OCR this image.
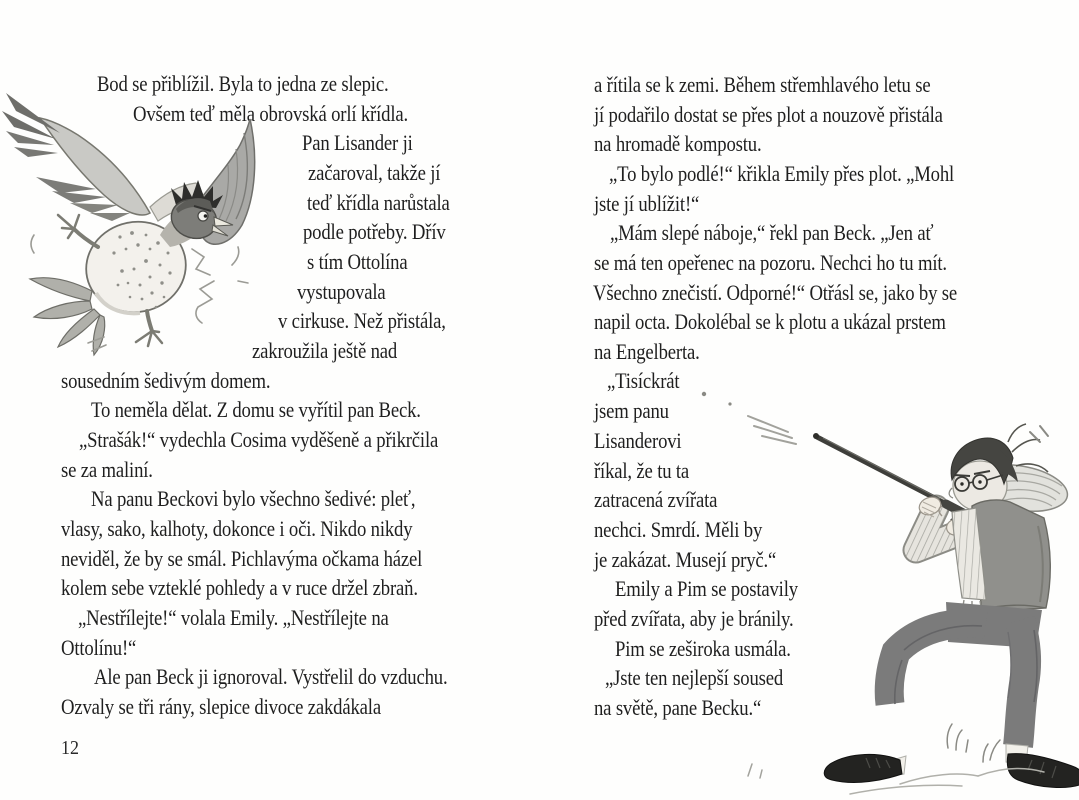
Bod se přiblížil. Byla to jedna ze slepic.
Ovšem teď měla obrovská orlí křídla.
Pan Lisander ji
začaroval, takže jí
teď křídla narůstala
podle potřeby. Dřív
s tím Ottolína
vystupovala
v cirkuse. Než přistála,
zakroužila ještě nad
sousedním šedivým domem.
To neměla dělat. Z domu se vyřítil pan Beck.
„Strašák!“ vydechla Cosima vyděšeně a přikrčila
se za maliní.
Na panu Beckovi bylo všechno šedivé: pleť,
vlasy, sako, kalhoty, dokonce i oči. Nikdo nikdy
neviděl, že by se smál. Pichlavýma očkama házel
kolem sebe vzteklé pohledy a v ruce držel zbraň.
„Nestřílejte!“ volala Emily. „Nestřílejte na
Ottolínu!“
Ale pan Beck ji ignoroval. Vystřelil do vzduchu.
Ozvaly se tři rány, slepice divoce zakdákala
12
a řítila se k zemi. Během střemhlavého letu se
jí podařilo dostat se přes plot a nouzově přistála
na hromadě kompostu.
„To bylo podlé!“ křikla Emily přes plot. „Mohl
jste jí ublížit!“
„Mám slepé náboje,“ řekl pan Beck. „Jen ať
se má ten opeřenec na pozoru. Nechci ho tu mít.
Všechno znečistí. Odporné!“ Otřásl se, jako by se
napil octa. Dokolébal se k plotu a ukázal prstem
na Engelberta.
„Tisíckrát
jsem panu
Lisanderovi
říkal, že tu ta
zatracená zvířata
nechci. Smrdí. Měli by
je zakázat. Musejí pryč.“
Emily a Pim se postavily
před zvířata, aby je bránily.
Pim se zeširoka usmála.
„Jste ten nejlepší soused
na světě, pane Becku.“
